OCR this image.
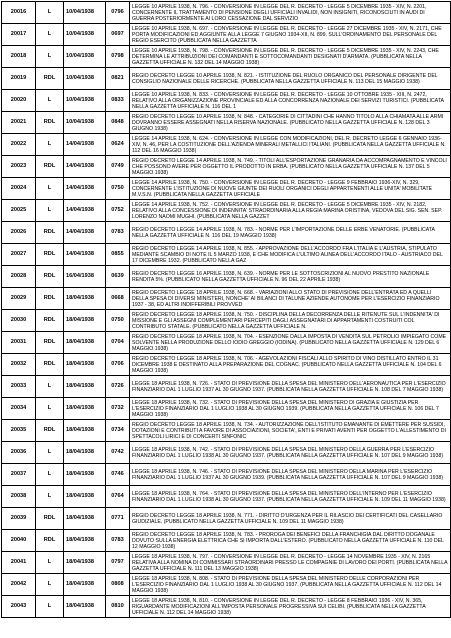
20016	L	10/04/1938	0796	LEGGE 10 APRILE 1938, N. 796. - CONVERSIONE IN LEGGE DEL R. DECRETO - LEGGE 5 DICEMBRE 1935 - XIV, N. 2201, CONCERNENTE IL TRATTAMENTO DI PENSIONE DEGLI UFFICIALI INVALIDI, NON INSIGNITI, RICONOSCIUTI IN AUDI DI GUERRA POSTERIORMENTE AI LORO CESSAZIONE DAL SERVIZIO
20017	L	10/04/1938	0697	LEGGE 10 APRILE 1938, N. 697. - CONVERSIONE IN LEGGE DEL R. DECRETO - LEGGE 27 DICEMBRE 1935 - XIV, N. 2171, CHE PORTA MODIFICAZIONI ED AGGIUNTE ALLA LEGGE 7 GIUGNO 1934-XII, N. 899. SULL'ORDINAMENTO DEL PERSONALE DEL REGIO ESERCITO (PUBBLICATA NELLA GAZZETTA
20018	L	10/04/1938	0798	LEGGE 10 APRILE 1938, N. 798. - CONVERSIONE IN LEGGE DEL R. DECRETO - LEGGE 5 DICEMBRE 1935 - XIV, N. 2243, CHE DETERMINA LE ATTRIBUZIONI DEI COMANDANTI E SOTTOCOMANDANTI DESIGNATI D'ARMATA. (PUBBLICATA NELLA GAZZETTA UFFICIALE N. 132 DEL 14 MAGGIO 1938)
20019	RDL	10/04/1938	0821	REGIO DECRETO LEGGE 10 APRILE 1938, N. 821. - ISTITUZIONE DEL RUOLO ORGANICO DEL PERSONALE DIRIGENTE DEL CONSIGLIO NAZIONALE DELLE RICERCHE. (PUBBLICATA NELLA GAZZETTA UFFICIALE N. 113 DEL 15 MAGGIO 1938)
20020	L	10/04/1938	0833	LEGGE 10 APRILE 1938, N. 833. - CONVERSIONE IN LEGGE DEL R. DECRETO - LEGGE 10 OTTOBRE 1935 - XIII, N. 2472, RELATIVO ALLA ORGANIZZAZIONE PROVINCIALE ED ALLA CONCORRENZA NAZIONALE DEI SERVIZI TURISTICI. (PUBBLICATA NELLA GAZZETTA UFFICIALE N. 116 DEL 1
20021	RDL	10/04/1938	0848	REGIO DECRETO LEGGE 10 APRILE 1938, N. 848. - CATEGORIE DI CITTADINI CHE HANNO TITOLO ALLA CHIAMATA ALLE ARMI DOVRANNO ESSERE ASSEGNATI NELLA RISERVA NAZIONALE. (PUBBLICATO NELLA GAZZETTA UFFICIALE N. 128 DEL 3 GIUGNO 1938)
20022	L	14/04/1938	0624	LEGGE 14 APRILE 1938, N. 624. - CONVERSIONE IN LEGGE CON MODIFICAZIONI, DEL R. DECRETO LEGGE 6 GENNAIO 1936-XIV, N. 46, PER LA COSTITUZIONE DELL'AZIENDA MINERALI METALLICI ITALIANI. (PUBBLICATA NELLA GAZZETTA UFFICIALE N. 112 DEL 16 MAGGIO 1938)
20023	RDL	14/04/1938	0749	REGIO DECRETO LEGGE 14 APRILE 1938, N. 749. - TITOLI ALL'ESPORTAZIONE GRANARIA DA ACCOMPAGNAMENTO E VINCOLI CHE POSSONO AVERE PER OGGETTO IL PRODOTTO IN ERBA. (PUBBLICATO NELLA GAZZETTA UFFICIALE N. 137 DEL 5 MAGGIO 1938)
20024	L	14/04/1938	0750	LEGGE 14 APRILE 1938, N. 750. - CONVERSIONE IN LEGGE DEL R. DECRETO - LEGGE 9 FEBBRAIO 1936-XIV, N. 329, CONCERNENTE L'ISTITUZIONE DI NUOVE GIUNTE DEI RUOLI ORGANICI DEGLI APPARTENENTI ALLE UNITA' MOBILITATE M.V.S.N. (PUBBLICATA NELLA GAZZETTA UFFICIALE
20025	L	14/04/1938	0752	LEGGE 14 APRILE 1938, N. 752. - CONVERSIONE IN LEGGE DEL R. DECRETO - LEGGE 5 DICEMBRE 1935 - XIV, N. 2182, RELATIVO ALLA CONCESSIONE DI INDENNITA' STRAORDINARIA ALLA REGIA MARINA ORISTINA, VEDOVA DEL SIG. SEN. SEP. LORENZO NAOMI MUGHI. (PUBBLICATA NELLA GAZZET
20026	RDL	14/04/1938	0783	REGIO DECRETO LEGGE 14 APRILE 1938, N. 783. - NORME PER L'IMPORTAZIONE DELLE ERBE VENATORIE. (PUBBLICATA NELLA GAZZETTA UFFICIALE N. 116 DEL 19 MAGGIO 1938)
20027	RDL	14/04/1938	0855	REGIO DECRETO LEGGE 14 APRILE 1938, N. 855. - APPROVAZIONE DELL'ACCORDO FRA L'ITALIA E L'AUSTRIA, STIPULATO MEDIANTE SCAMBIO DI NOTE IL 5 MARZO 1938, E CHE MODIFICA L'ULTIMO ALINEA DELL'ACCORDO ITALO - AUSTRIACO DEL 17 DICEMBRE 1932. (PUBBLICATO NELLA GAZ
20028	RDL	16/04/1938	0639	REGIO DECRETO LEGGE 16 APRILE 1938, N. 639. - NORME PER LE SOTTOSCRIZIONI AL NUOVO PRESTITO NAZIONALE RENDITA 5%. (PUBBLICATO NELLA GAZZETTA UFFICIALE N. 96 DEL 22 APRILE 1938)
20029	RDL	18/04/1938	0668	REGIO DECRETO LEGGE 18 APRILE 1938, N. 668. - VARIAZIONI ALLO STATO DI PREVISIONE DELL'ENTRATA ED A QUELLI DELLA SPESA DI DIVERSI MINISTERI, NONCHE' AI BILANCI DI TALUNE AZIENDE AUTONOME PER L'ESERCIZIO FINANZIARIO 1937 - 38, ED ALTRI INDIFFERIBILI PROVVED
20030	RDL	18/04/1938	0750	REGIO DECRETO LEGGE 18 APRILE 1938, N. 750. - DISCIPLINA DELLA DECORRENZA DELLE RITENUTE SUL L'INDENNITA' DI MISSIONE E GLI ASSEGNI COMPLEMENTARI PERCEPITI DAGLI ASSEGNATARI DI APPARTAMENTI COSTRUITI COL CONTRIBUTO STATALE. (PUBBLICATO NELLA GAZZETTA UFFICIALE N.
20031	RDL	18/04/1938	0704	REGIO DECRETO LEGGE 18 APRILE 1938, N. 704. - ESENZIONE DALLA IMPOSTA DI VENDITA SUL PETROLIO IMPIEGATO COME SOLVENTE NELLA PRODUZIONE DELLO IODIO GREGGIO (IODINA). (PUBBLICATO NELLA GAZZETTA UFFICIALE N. 129 DEL 6 MAGGIO 1938)
20032	RDL	18/04/1938	0706	REGIO DECRETO LEGGE 18 APRILE 1938, N. 706. - AGEVOLAZIONI FISCALI ALLO SPIRITO DI VINO DISTILLATO ENTRO IL 31 DICEMBRE 1938 E DESTINATO ALLA PREPARAZIONE DEL COGNAC. (PUBBLICATO NELLA GAZZETTA UFFICIALE N. 104 DEL 6 MAGGIO 1938)
20033	L	18/04/1938	0726	LEGGE 18 APRILE 1938, N. 726. - STATO DI PREVISIONE DELLA SPESA DEL MINISTERO DELL'AERONAUTICA PER L'ESERCIZIO FINANZIARIO DAL 1 LUGLIO 1937 AL 30 GIUGNO 1937. (PUBBLICATA NELLA GAZZETTA UFFICIALE N. 108 DEL 7 MAGGIO 1938)
20034	L	18/04/1938	0732	LEGGE 18 APRILE 1938, N. 732. - STATO DI PREVISIONE DELLA SPESA DEL MINISTERO DI GRAZIA E GIUSTIZIA PER L'ESERCIZIO FINANZIARIO DAL 1 LUGLIO 1938 AL 30 GIUGNO 1939. (PUBBLICATA NELLA GAZZETTA UFFICIALE N. 106 DEL 7 MAGGIO 1938)
20035	RDL	18/04/1938	0734	REGIO DECRETO LEGGE 18 APRILE 1938, N. 734. - AUTORIZZAZIONE DELL'ISTITUTO EMANANTE DI EMETTERE PER SUSSIDI, DOTAZIONI E CONTRIBUTI A FAVORE DI ASSOCIAZIONI, SOCIETA', ENTI E PRIVATI AVENTI PER OGGETTO L'ALLESTIMENTO DI SPETTACOLI LIRICI E DI CONCERTI SINFONIC
20036	L	18/04/1938	0742	LEGGE 18 APRILE 1938, N. 742. - STATO DI PREVISIONE DELLA SPESA DEL MINISTERO DELLA GUERRA PER L'ESERCIZIO FINANZIARIO DAL 1 LUGLIO 1938 AL 30 GIUGNO 1937. (PUBBLICATA NELLA GAZZETTA UFFICIALE N. 107 DEL 9 MAGGIO 1938)
20037	L	18/04/1938	0746	LEGGE 18 APRILE 1938, N. 746. - STATO DI PREVISIONE DELLA SPESA DEL MINISTERO DELLA MARINA PER L'ESERCIZIO FINANZIARIO DAL 1 LUGLIO 1937 AL 30 GIUGNO 1939. (PUBBLICATA NELLA GAZZETTA UFFICIALE N. 107 DEL 9 MAGGIO 1938)
20038	L	18/04/1938	0764	LEGGE 18 APRILE 1938, N. 764. - STATO DI PREVISIONE DELLA SPESA DEL MINISTERO DELL'INTERNO PER L'ESERCIZIO FINANZIARIO DAL 1 LUGLIO 1938 AL 30 GIUGNO 1937. (PUBBLICATA NELLA GAZZETTA UFFICIALE N. 109 DEL 11 MAGGIO 1938)
20039	RDL	18/04/1938	0771	REGIO DECRETO LEGGE 18 APRILE 1938, N. 771. - DIRITTO D'URGENZA PER IL RILASCIO DEI CERTIFICATI DEL CASELLARIO GIUDIZIALE. (PUBBLICATO NELLA GAZZETTA UFFICIALE N. 109 DEL 11 MAGGIO 1938)
20040	RDL	18/04/1938	0783	REGIO DECRETO LEGGE 18 APRILE 1938, N. 783. - PROROGA DEI BENEFICI DELLA FRANCHIGIA DAL DIRITTO DOGANALE DOVUTO SULLA ENERGIA ELETTRICA CHE SI IMPORTA DALL'ESTERO. (PUBBLICATO NELLA GAZZETTA UFFICIALE N. 110 DEL 12 MAGGIO 1938)
20041	L	18/04/1938	0797	LEGGE 18 APRILE 1938, N. 797. - CONVERSIONE IN LEGGE DEL R. DECRETO - LEGGE 14 NOVEMBRE 1935 - XIV, N. 2165 RELATIVA ALLA NOMINA DI COMMISSARI STRAORDINARI PRESSO LE COMPAGNIE DI LAVORO DEI PORTI. (PUBBLICATA NELLA GAZZETTA UFFICIALE N. 111 DEL 13 MAGGIO 1938)
20042	L	18/04/1938	0808	LEGGE 18 APRILE 1938, N. 808. - STATO DI PREVISIONE DELLA SPESA DEL MINISTERO DELLE CORPORAZIONI PER L'ESERCIZIO FINANZIARIO DAL 1 LUGLIO 1938 AL 30 GIUGNO 1937. (PUBBLICATA NELLA GAZZETTA UFFICIALE N. 112 DEL 14 MAGGIO 1938)
20043	L	18/04/1938	0810	LEGGE 18 APRILE 1938, N. 810. - CONVERSIONE IN LEGGE DEL R. DECRETO - LEGGE 8 FEBBRAIO 1936 - XIV, N. 365, RIGUARDANTE MODIFICAZIONI ALL'IMPOSTA PERSONALE PROGRESSIVA SUI CELIBI. (PUBBLICATA NELLA GAZZETTA UFFICIALE N. 112 DEL 14 MAGGIO 1938)
